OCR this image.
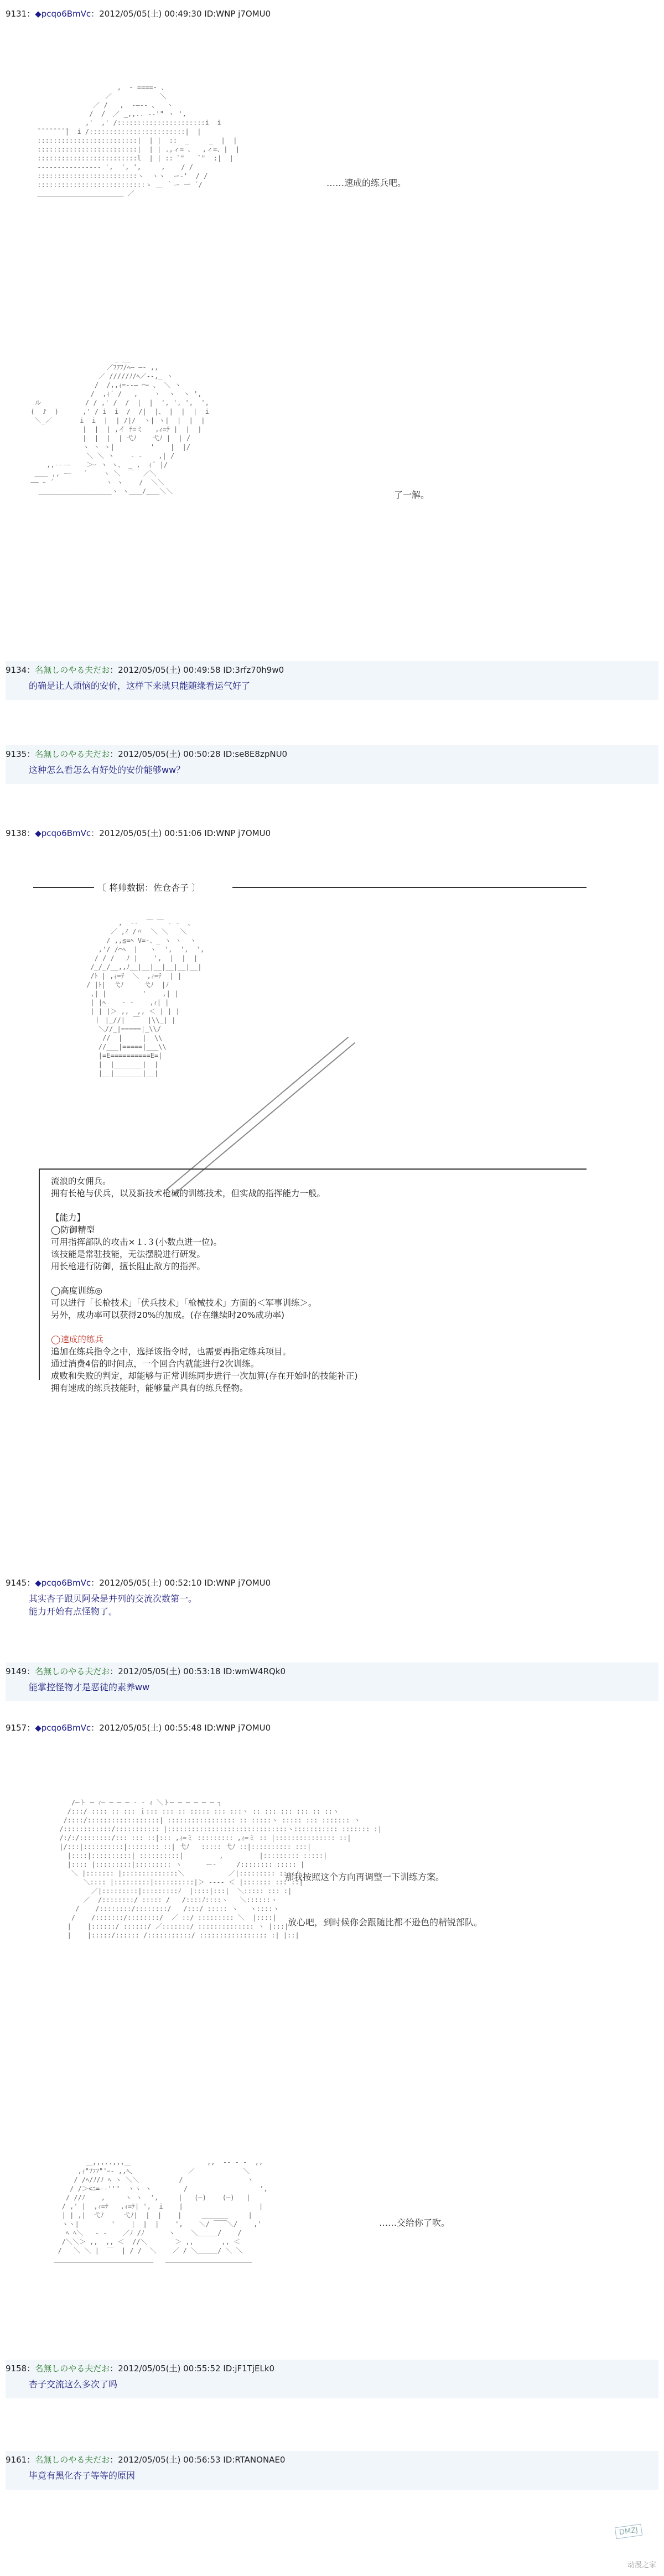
9131：◆pcqo6BmVc：2012/05/05(土) 00:49:30 ID:WNP j7OMU0
,  - ====- 、
／            ＼
／ /   ,  -―‐- 、  ヽ
/  /  ／ _,,.. -‐'" ヽ ',
,'  ,' /::::::::::::::::::::::i  i
̄ ̄ ̄ ̄ ̄ ̄ ̄ ̄|  i /::::::::::::::::::::::::|  |
:::::::::::::::::::::::::|  | |  ::  _     _  |  |
:::::::::::::::::::::::::|  | | .,ィ= 、  ,ィ=、|  |
:::::::::::::::::::::::::l  | | :: ﾞ"    ﾞ"  :|  |
---------------- ',  ', ',     ,    / /
:::::::::::::::::::::::::ヽ  ヽヽ  ー‐'  / /
:::::::::::::::::::::::::::ゝ ＿ ｀ー 一 ´/
＿＿＿＿＿＿＿＿＿＿＿＿＿ ／

……速成的练兵吧。
_ __
／ﾌﾌﾌ/ﾍ― ―- ,,
／ /////ﾉ/ﾍ／‐-,_ ヽ
/  /,,ｨ=--― ⌒ｰ 、 ＼ ヽ
/  ,ｨ´ /   ,    ヽ  ヽ  ヽ ',
ル           / / ,' /  /  |  |  ', ', ',  ',
(  ♪  )      ,' / i  i  /  /|  |、 |  |  |  i
＼_／       i  i  |  | /|/  ヽ| ヽ|  |  |  |
|  |  | ,イ ﾃ=ミ   ,ｨ=ﾃ |  |  |
|  |  |  | 弋ﾉ    弋ﾉ |  | /
ヽ ヽ ヽ|         '    |  |/
＼ ＼ ヽ    ‐ ‐    ,| /
,,---―    ＞ｰ ヽ ヽ、 _ ,  ｨ´ |/
＿＿ ,, ｰ―   ´    ヽ ＼  ￣  ／＼
―― ｰ ´             ヽ ヽ    /  ＼＼
＿＿＿＿＿＿＿＿＿＿＿ヽ ヽ＿＿/＿＿＼＼	了一解。
9134：名無しのやる夫だお：2012/05/05(土) 00:49:58 ID:3rfz70h9w0
的确是让人烦恼的安价，这样下来就只能随缘看运气好了
9135：名無しのやる夫だお：2012/05/05(土) 00:50:28 ID:se8E8zpNU0
这种怎么看怎么有好处的安价能够ww？
9138：◆pcqo6BmVc：2012/05/05(土) 00:51:06 ID:WNP j7OMU0
〔 将帅数据：佐仓杏子 〕
,  -‐  ￣ ￣ ‐ -  、
／ ,ｲ /〃  ＼ ＼   ＼
/ ,,≦=ﾍ V=-、_ ヽ ヽ  ヽ
,'/ /⌒ﾍ  |   ヽ  ',  ',  ',
/ / /   ﾉ |    ',  |  |  |
/_/_/__,,ﾉ__|__|__|__|__|__|
/ﾄ | ,ｨ=ﾃ  ＼  ,ｨ=ﾃ  | |
/ |ﾄ|  弋ﾉ     弋ﾉ  |ﾉ
,| |         '    ,| |
| |ﾍ    ‐ ‐    ,ｨ| |
| | |＞ ,,  ,, ＜ | | |
｜ |_//|  ￣  |\\_| |
＼//_|=====|_\\/
//  |     |  \\
//___|=====|___\\
|=E==========E=|
|  |_______|  |
|__|_______|__|

流浪的女佣兵。
拥有长枪与伏兵，以及新技术枪械的训练技术，但实战的指挥能力一般。

【能力】
◯防御精型
可用指挥部队的攻击×１.３(小数点进一位)。
该技能是常驻技能，无法摆脱进行研发。
用长枪进行防御，擅长阻止敌方的指挥。

◯高度训练◎
可以进行「长枪技术」「伏兵技术」「枪械技术」方面的＜军事训练＞。
另外，成功率可以获得20%的加成。(存在继续时20%成功率)

◯速成的练兵
追加在练兵指令之中，选择该指令时，也需要再指定练兵项目。
通过消费4倍的时间点，一个回合内就能进行2次训练。
成败和失败的判定，却能够与正常训练同步进行一次加算(存在开始时的技能补正)
拥有速成的练兵技能时，能够量产具有的练兵怪物。
9145：◆pcqo6BmVc：2012/05/05(土) 00:52:10 ID:WNP j7OMU0
其实杏子跟贝阿朵是并列的交流次数第一。
能力开始有点怪物了。
9149：名無しのやる夫だお：2012/05/05(土) 00:53:18 ID:wmW4RQk0
能掌控怪物才是恶徒的素养ww
9157：◆pcqo6BmVc：2012/05/05(土) 00:55:48 ID:WNP j7OMU0
/─ト ─ ｨ― ─ ─ ─ ‐ ‐ ｨ ＼ト─ ─ ─ ─ ─ ─ ┐
/:::/ :::: :: ::: ｉ::: ::: :: ::::: ::: :::ヽ :: ::: ::: ::: :: ::ヽ
/::::/::::::::::::::::::| ::::::::::::::::: :: :::::ヽ ::::: ::: ::::::: ヽ
/::::::::::::/::::::::::: |::::::::::::::::::::::::::::::ヽ::::::::::: ::::::: :|
/:/:/::::::::/::: ::: ::|::: ,ｨ=ミ ::::::::: ,ｨ=ミ :: |::::::::::::::: ::|
|/:::|::::::::::|:::::::: ::| 弋ﾉ   ::::: 弋ﾉ ::|:::::::::: :::|
|::::|::::::::::| ::::::::::|         ,         |::::::::: :::::|
|:::: |:::::::::|::::::::: ヽ      ー‐     /:::::::: ::::: |
＼ |::::::: |::::::::::::::＼           ／|::::::::: ::::/
＼:::: |:::::::::|::::::::::|＞ ---- ＜ |::::::: ::: ::|
／|:::::::::|:::::::::ﾉ  |::::|:::|  ＼::::: ::: :|
／  /::::::::/ ::::: /   /::::ﾉ::::ヽ   ＼::::::ヽ
/    /::::::::/::::::::/   /:::/ ::::: ヽ   ヽ::::ヽ
/    /:::::::/::::::::/  ／ ::/ ::::::::: ＼  |::::|
|    |::::::/ ::::::/ ／:::::::/ :::::::::::::: ヽ |:::|
|    |:::::/:::::: /:::::::::::/ ::::::::::::::::: :| |::|

那我按照这个方向再调整一下训练方案。
放心吧，到时候你会跟随比都不逊色的精锐部队。
＿,,,..,,,＿                   ,,  -‐ ‐ -  ,,
,ｨ"ﾌﾌﾌ"'ｰ- ,,ﾍ、             ／            ＼
/ /ﾍ/ﾉ/ﾉ ﾍ ヽ ＼＼          /                ヽ
/ /＞<ﾆ=-‐''"  ヽヽ ヽ        /                  ',
/ //ﾉ    ,     ヽ ヽ  ',     |   (―)    (―)   |
/ ,' |  ,ｨ=ﾃ   ,ｨ=ﾃ| ',  i    |                   |
| | ,|  弋ﾉ     弋ﾉ|  |  |    |     ＿＿＿＿     |
ヽヽ|        '    |  |  |    ',    ＼/ ￣￣＼/    ,'
ﾍ ﾍ＼   ‐ ‐    ／ﾉ /ﾉ      ヽ    ＼＿＿＿/    /
/＼＼＞ ,,  ,, ＜  //＼       ＞ ,,       ,, ＜
/   ＼ ＼ |  ￣  | / /  ＼    ／ / ＼＿＿＿/ ＼ ＼
＿＿＿＿＿＿＿＿＿＿＿＿＿＿＿   ＿＿＿＿＿＿＿＿＿＿＿＿＿

……交给你了吹。
9158：名無しのやる夫だお：2012/05/05(土) 00:55:52 ID:jF1TjELk0
杏子交流这么多次了吗
9161：名無しのやる夫だお：2012/05/05(土) 00:56:53 ID:RTANONAE0
毕竟有黑化杏子等等的原因
DMZJ
动漫之家
